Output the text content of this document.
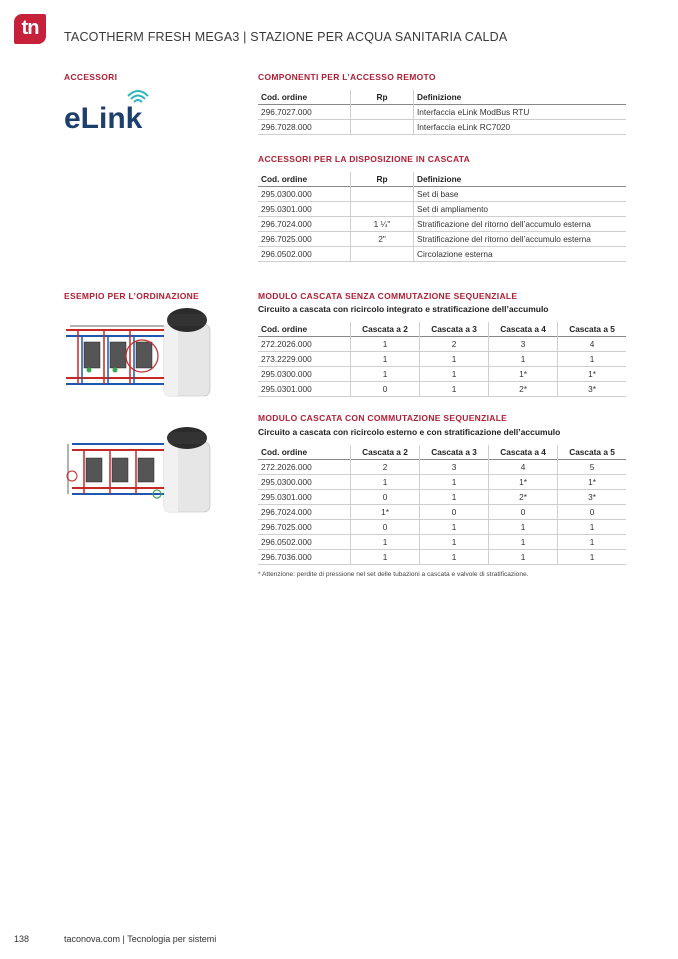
tn	TACOTHERM FRESH MEGA3 | STAZIONE PER ACQUA SANITARIA CALDA
ACCESSORI
eLink
ESEMPIO PER L’ORDINAZIONE
COMPONENTI PER L’ACCESSO REMOTO
Cod. ordine	Rp	Definizione
296.7027.000		Interfaccia eLink ModBus RTU
296.7028.000		Interfaccia eLink RC7020
ACCESSORI PER LA DISPOSIZIONE IN CASCATA
Cod. ordine	Rp	Definizione
295.0300.000		Set di base
295.0301.000		Set di ampliamento
296.7024.000	1 ¼"	Stratificazione del ritorno dell’accumulo esterna
296.7025.000	2"	Stratificazione del ritorno dell’accumulo esterna
296.0502.000		Circolazione esterna
MODULO CASCATA SENZA COMMUTAZIONE SEQUENZIALE
Circuito a cascata con ricircolo integrato e stratificazione dell’accumulo
Cod. ordine	Cascata a 2	Cascata a 3	Cascata a 4	Cascata a 5
272.2026.000	1	2	3	4
273.2229.000	1	1	1	1
295.0300.000	1	1	1*	1*
295.0301.000	0	1	2*	3*
MODULO CASCATA CON COMMUTAZIONE SEQUENZIALE
Circuito a cascata con ricircolo esterno e con stratificazione dell’accumulo
Cod. ordine	Cascata a 2	Cascata a 3	Cascata a 4	Cascata a 5
272.2026.000	2	3	4	5
295.0300.000	1	1	1*	1*
295.0301.000	0	1	2*	3*
296.7024.000	1*	0	0	0
296.7025.000	0	1	1	1
296.0502.000	1	1	1	1
296.7036.000	1	1	1	1
* Attenzione: perdite di pressione nel set delle tubazioni a cascata e valvole di stratificazione.
138	taconova.com | Tecnologia per sistemi
